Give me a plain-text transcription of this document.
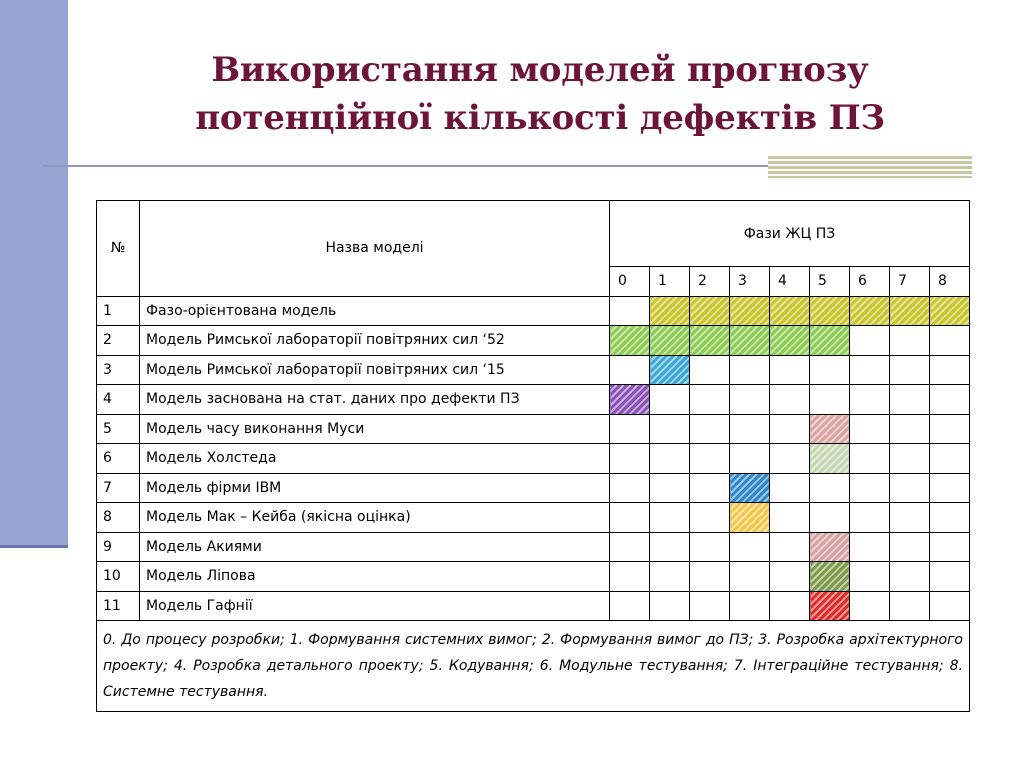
Використання моделей прогнозу
потенційної кількості дефектів ПЗ
№	Назва моделі	Фази ЖЦ ПЗ								
		0	1	2	3	4	5	6	7	8
1	Фазо-орієнтована модель									
2	Модель Римської лабораторії повітряних сил ‘52									
3	Модель Римської лабораторії повітряних сил ‘15									
4	Модель заснована на стат. даних про дефекти ПЗ									
5	Модель часу виконання Муси									
6	Модель Холстеда									
7	Модель фірми IBM									
8	Модель Мак – Кейба (якісна оцінка)									
9	Модель Акиями									
10	Модель Ліпова									
11	Модель Гафнії									
0. До процесу розробки; 1. Формування системних вимог; 2. Формування вимог до ПЗ; 3. Розробка архітектурного проекту; 4. Розробка детального проекту; 5. Кодування; 6. Модульне тестування; 7. Інтеграційне тестування; 8. Системне тестування.										
